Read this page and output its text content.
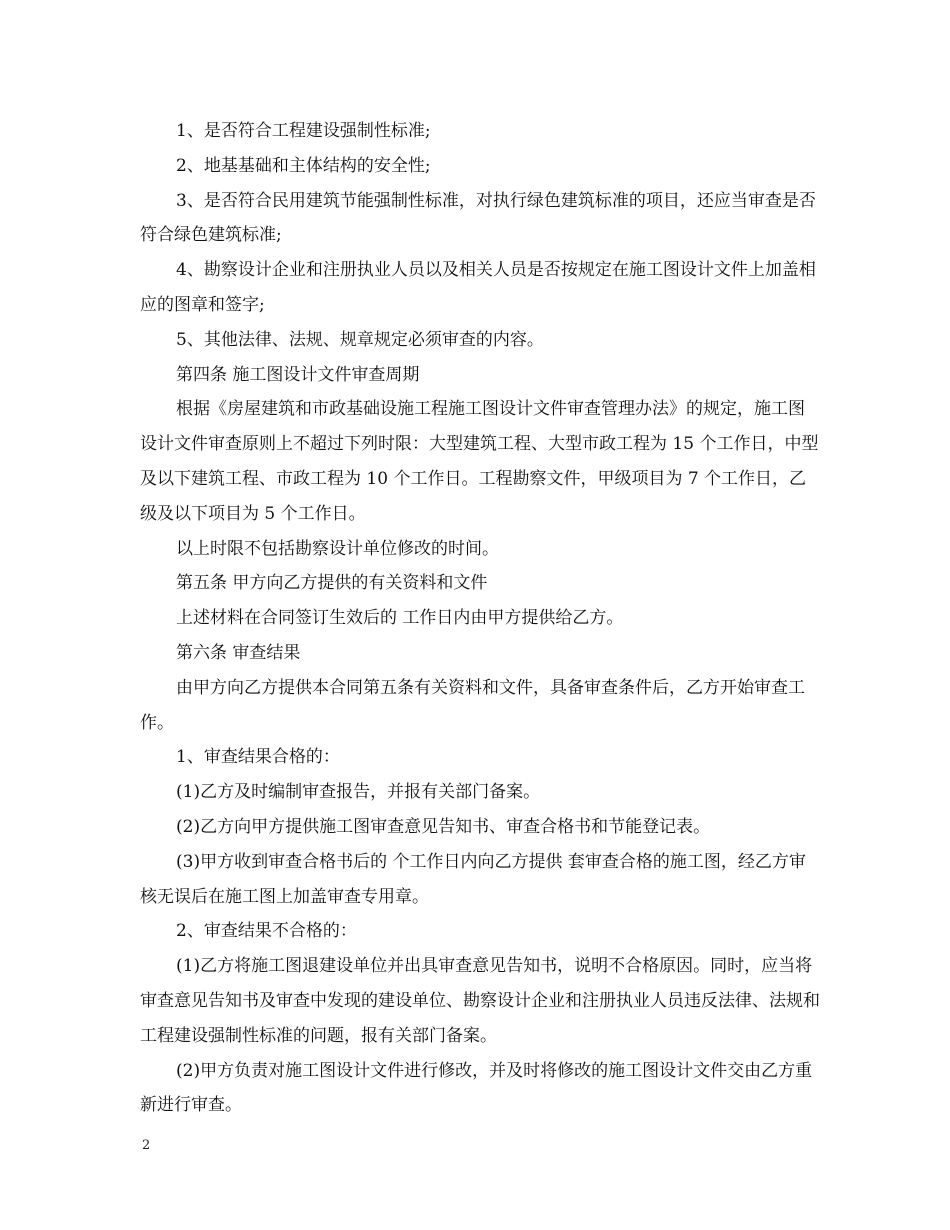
1、是否符合工程建设强制性标准;

2、地基基础和主体结构的安全性;

3、是否符合民用建筑节能强制性标准，对执行绿色建筑标准的项目，还应当审查是否符合绿色建筑标准;

4、勘察设计企业和注册执业人员以及相关人员是否按规定在施工图设计文件上加盖相应的图章和签字;

5、其他法律、法规、规章规定必须审查的内容。

第四条 施工图设计文件审查周期

根据《房屋建筑和市政基础设施工程施工图设计文件审查管理办法》的规定，施工图设计文件审查原则上不超过下列时限：大型建筑工程、大型市政工程为 15 个工作日，中型及以下建筑工程、市政工程为 10 个工作日。工程勘察文件，甲级项目为 7 个工作日，乙级及以下项目为 5 个工作日。

以上时限不包括勘察设计单位修改的时间。

第五条 甲方向乙方提供的有关资料和文件

上述材料在合同签订生效后的 工作日内由甲方提供给乙方。

第六条 审查结果

由甲方向乙方提供本合同第五条有关资料和文件，具备审查条件后，乙方开始审查工作。

1、审查结果合格的：

(1)乙方及时编制审查报告，并报有关部门备案。

(2)乙方向甲方提供施工图审查意见告知书、审查合格书和节能登记表。

(3)甲方收到审查合格书后的 个工作日内向乙方提供 套审查合格的施工图，经乙方审核无误后在施工图上加盖审查专用章。

2、审查结果不合格的：

(1)乙方将施工图退建设单位并出具审查意见告知书，说明不合格原因。同时，应当将审查意见告知书及审查中发现的建设单位、勘察设计企业和注册执业人员违反法律、法规和工程建设强制性标准的问题，报有关部门备案。

(2)甲方负责对施工图设计文件进行修改，并及时将修改的施工图设计文件交由乙方重新进行审查。

2
